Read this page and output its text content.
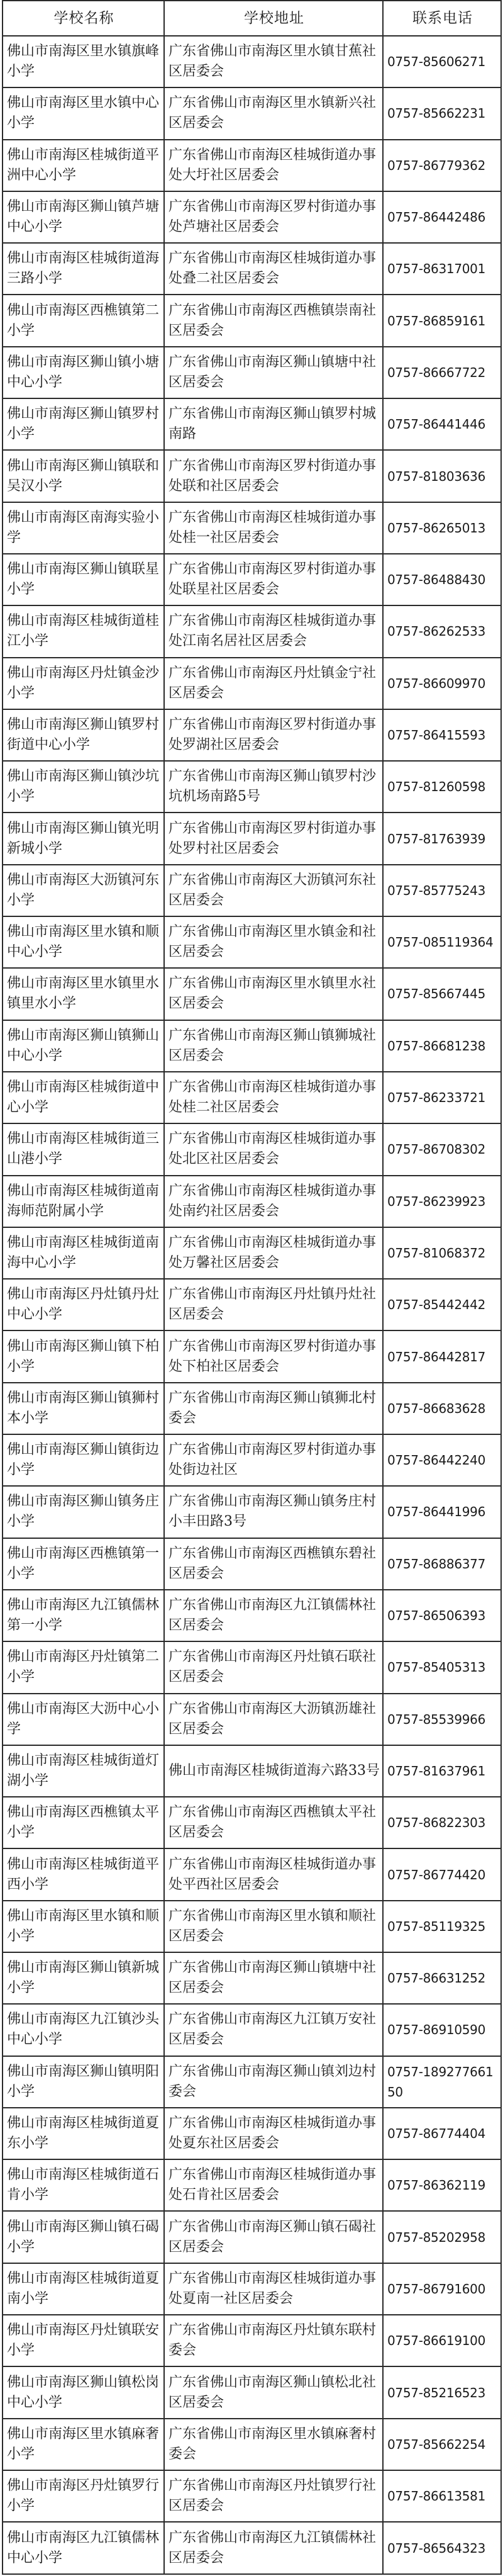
学校名称	学校地址	联系电话
佛山市南海区里水镇旗峰小学	广东省佛山市南海区里水镇甘蕉社区居委会	0757-85606271
佛山市南海区里水镇中心小学	广东省佛山市南海区里水镇新兴社区居委会	0757-85662231
佛山市南海区桂城街道平洲中心小学	广东省佛山市南海区桂城街道办事处大圩社区居委会	0757-86779362
佛山市南海区狮山镇芦塘中心小学	广东省佛山市南海区罗村街道办事处芦塘社区居委会	0757-86442486
佛山市南海区桂城街道海三路小学	广东省佛山市南海区桂城街道办事处叠二社区居委会	0757-86317001
佛山市南海区西樵镇第二小学	广东省佛山市南海区西樵镇崇南社区居委会	0757-86859161
佛山市南海区狮山镇小塘中心小学	广东省佛山市南海区狮山镇塘中社区居委会	0757-86667722
佛山市南海区狮山镇罗村小学	广东省佛山市南海区狮山镇罗村城南路	0757-86441446
佛山市南海区狮山镇联和吴汉小学	广东省佛山市南海区罗村街道办事处联和社区居委会	0757-81803636
佛山市南海区南海实验小学	广东省佛山市南海区桂城街道办事处桂一社区居委会	0757-86265013
佛山市南海区狮山镇联星小学	广东省佛山市南海区罗村街道办事处联星社区居委会	0757-86488430
佛山市南海区桂城街道桂江小学	广东省佛山市南海区桂城街道办事处江南名居社区居委会	0757-86262533
佛山市南海区丹灶镇金沙小学	广东省佛山市南海区丹灶镇金宁社区居委会	0757-86609970
佛山市南海区狮山镇罗村街道中心小学	广东省佛山市南海区罗村街道办事处罗湖社区居委会	0757-86415593
佛山市南海区狮山镇沙坑小学	广东省佛山市南海区狮山镇罗村沙坑机场南路5号	0757-81260598
佛山市南海区狮山镇光明新城小学	广东省佛山市南海区罗村街道办事处罗村社区居委会	0757-81763939
佛山市南海区大沥镇河东小学	广东省佛山市南海区大沥镇河东社区居委会	0757-85775243
佛山市南海区里水镇和顺中心小学	广东省佛山市南海区里水镇金和社区居委会	0757-085119364
佛山市南海区里水镇里水镇里水小学	广东省佛山市南海区里水镇里水社区居委会	0757-85667445
佛山市南海区狮山镇狮山中心小学	广东省佛山市南海区狮山镇狮城社区居委会	0757-86681238
佛山市南海区桂城街道中心小学	广东省佛山市南海区桂城街道办事处桂二社区居委会	0757-86233721
佛山市南海区桂城街道三山港小学	广东省佛山市南海区桂城街道办事处北区社区居委会	0757-86708302
佛山市南海区桂城街道南海师范附属小学	广东省佛山市南海区桂城街道办事处南约社区居委会	0757-86239923
佛山市南海区桂城街道南海中心小学	广东省佛山市南海区桂城街道办事处万馨社区居委会	0757-81068372
佛山市南海区丹灶镇丹灶中心小学	广东省佛山市南海区丹灶镇丹灶社区居委会	0757-85442442
佛山市南海区狮山镇下柏小学	广东省佛山市南海区罗村街道办事处下柏社区居委会	0757-86442817
佛山市南海区狮山镇狮村本小学	广东省佛山市南海区狮山镇狮北村委会	0757-86683628
佛山市南海区狮山镇街边小学	广东省佛山市南海区罗村街道办事处街边社区	0757-86442240
佛山市南海区狮山镇务庄小学	广东省佛山市南海区狮山镇务庄村小丰田路3号	0757-86441996
佛山市南海区西樵镇第一小学	广东省佛山市南海区西樵镇东碧社区居委会	0757-86886377
佛山市南海区九江镇儒林第一小学	广东省佛山市南海区九江镇儒林社区居委会	0757-86506393
佛山市南海区丹灶镇第二小学	广东省佛山市南海区丹灶镇石联社区居委会	0757-85405313
佛山市南海区大沥中心小学	广东省佛山市南海区大沥镇沥雄社区居委会	0757-85539966
佛山市南海区桂城街道灯湖小学	佛山市南海区桂城街道海六路33号	0757-81637961
佛山市南海区西樵镇太平小学	广东省佛山市南海区西樵镇太平社区居委会	0757-86822303
佛山市南海区桂城街道平西小学	广东省佛山市南海区桂城街道办事处平西社区居委会	0757-86774420
佛山市南海区里水镇和顺小学	广东省佛山市南海区里水镇和顺社区居委会	0757-85119325
佛山市南海区狮山镇新城小学	广东省佛山市南海区狮山镇塘中社区居委会	0757-86631252
佛山市南海区九江镇沙头中心小学	广东省佛山市南海区九江镇万安社区居委会	0757-86910590
佛山市南海区狮山镇明阳小学	广东省佛山市南海区狮山镇刘边村委会	0757-18927766150
佛山市南海区桂城街道夏东小学	广东省佛山市南海区桂城街道办事处夏东社区居委会	0757-86774404
佛山市南海区桂城街道石肯小学	广东省佛山市南海区桂城街道办事处石肯社区居委会	0757-86362119
佛山市南海区狮山镇石碣小学	广东省佛山市南海区狮山镇石碣社区居委会	0757-85202958
佛山市南海区桂城街道夏南小学	广东省佛山市南海区桂城街道办事处夏南一社区居委会	0757-86791600
佛山市南海区丹灶镇联安小学	广东省佛山市南海区丹灶镇东联村委会	0757-86619100
佛山市南海区狮山镇松岗中心小学	广东省佛山市南海区狮山镇松北社区居委会	0757-85216523
佛山市南海区里水镇麻奢小学	广东省佛山市南海区里水镇麻奢村委会	0757-85662254
佛山市南海区丹灶镇罗行小学	广东省佛山市南海区丹灶镇罗行社区居委会	0757-86613581
佛山市南海区九江镇儒林中心小学	广东省佛山市南海区九江镇儒林社区居委会	0757-86564323
